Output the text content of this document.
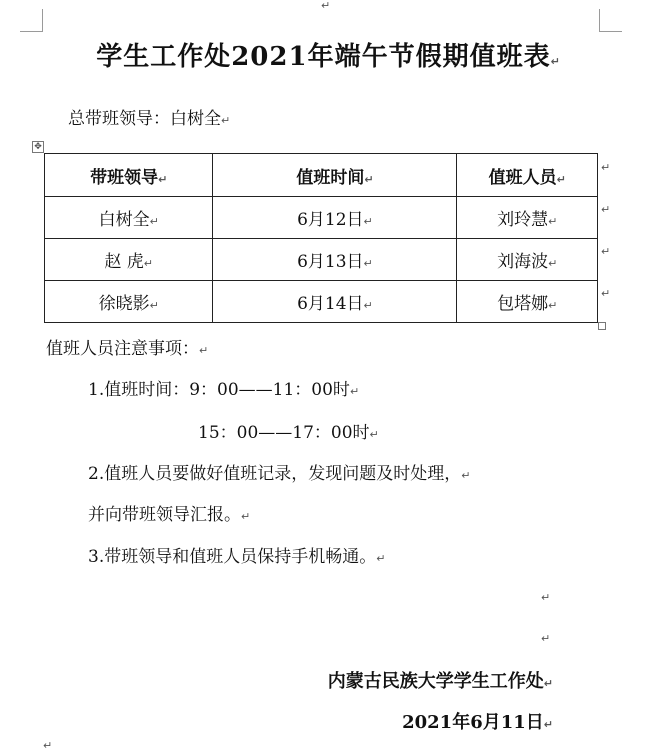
↵
学生工作处2021年端午节假期值班表↵
总带班领导：白树全↵
✥
带班领导↵	值班时间↵	值班人员↵
白树全↵	6月12日↵	刘玲慧↵
赵 虎↵	6月13日↵	刘海波↵
徐晓影↵	6月14日↵	包塔娜↵
↵
↵
↵
↵
值班人员注意事项：↵
1.值班时间：9：00——11：00时↵
15：00——17：00时↵
2.值班人员要做好值班记录，发现问题及时处理，↵
并向带班领导汇报。↵
3.带班领导和值班人员保持手机畅通。↵
↵
↵
内蒙古民族大学学生工作处↵
2021年6月11日↵
↵
